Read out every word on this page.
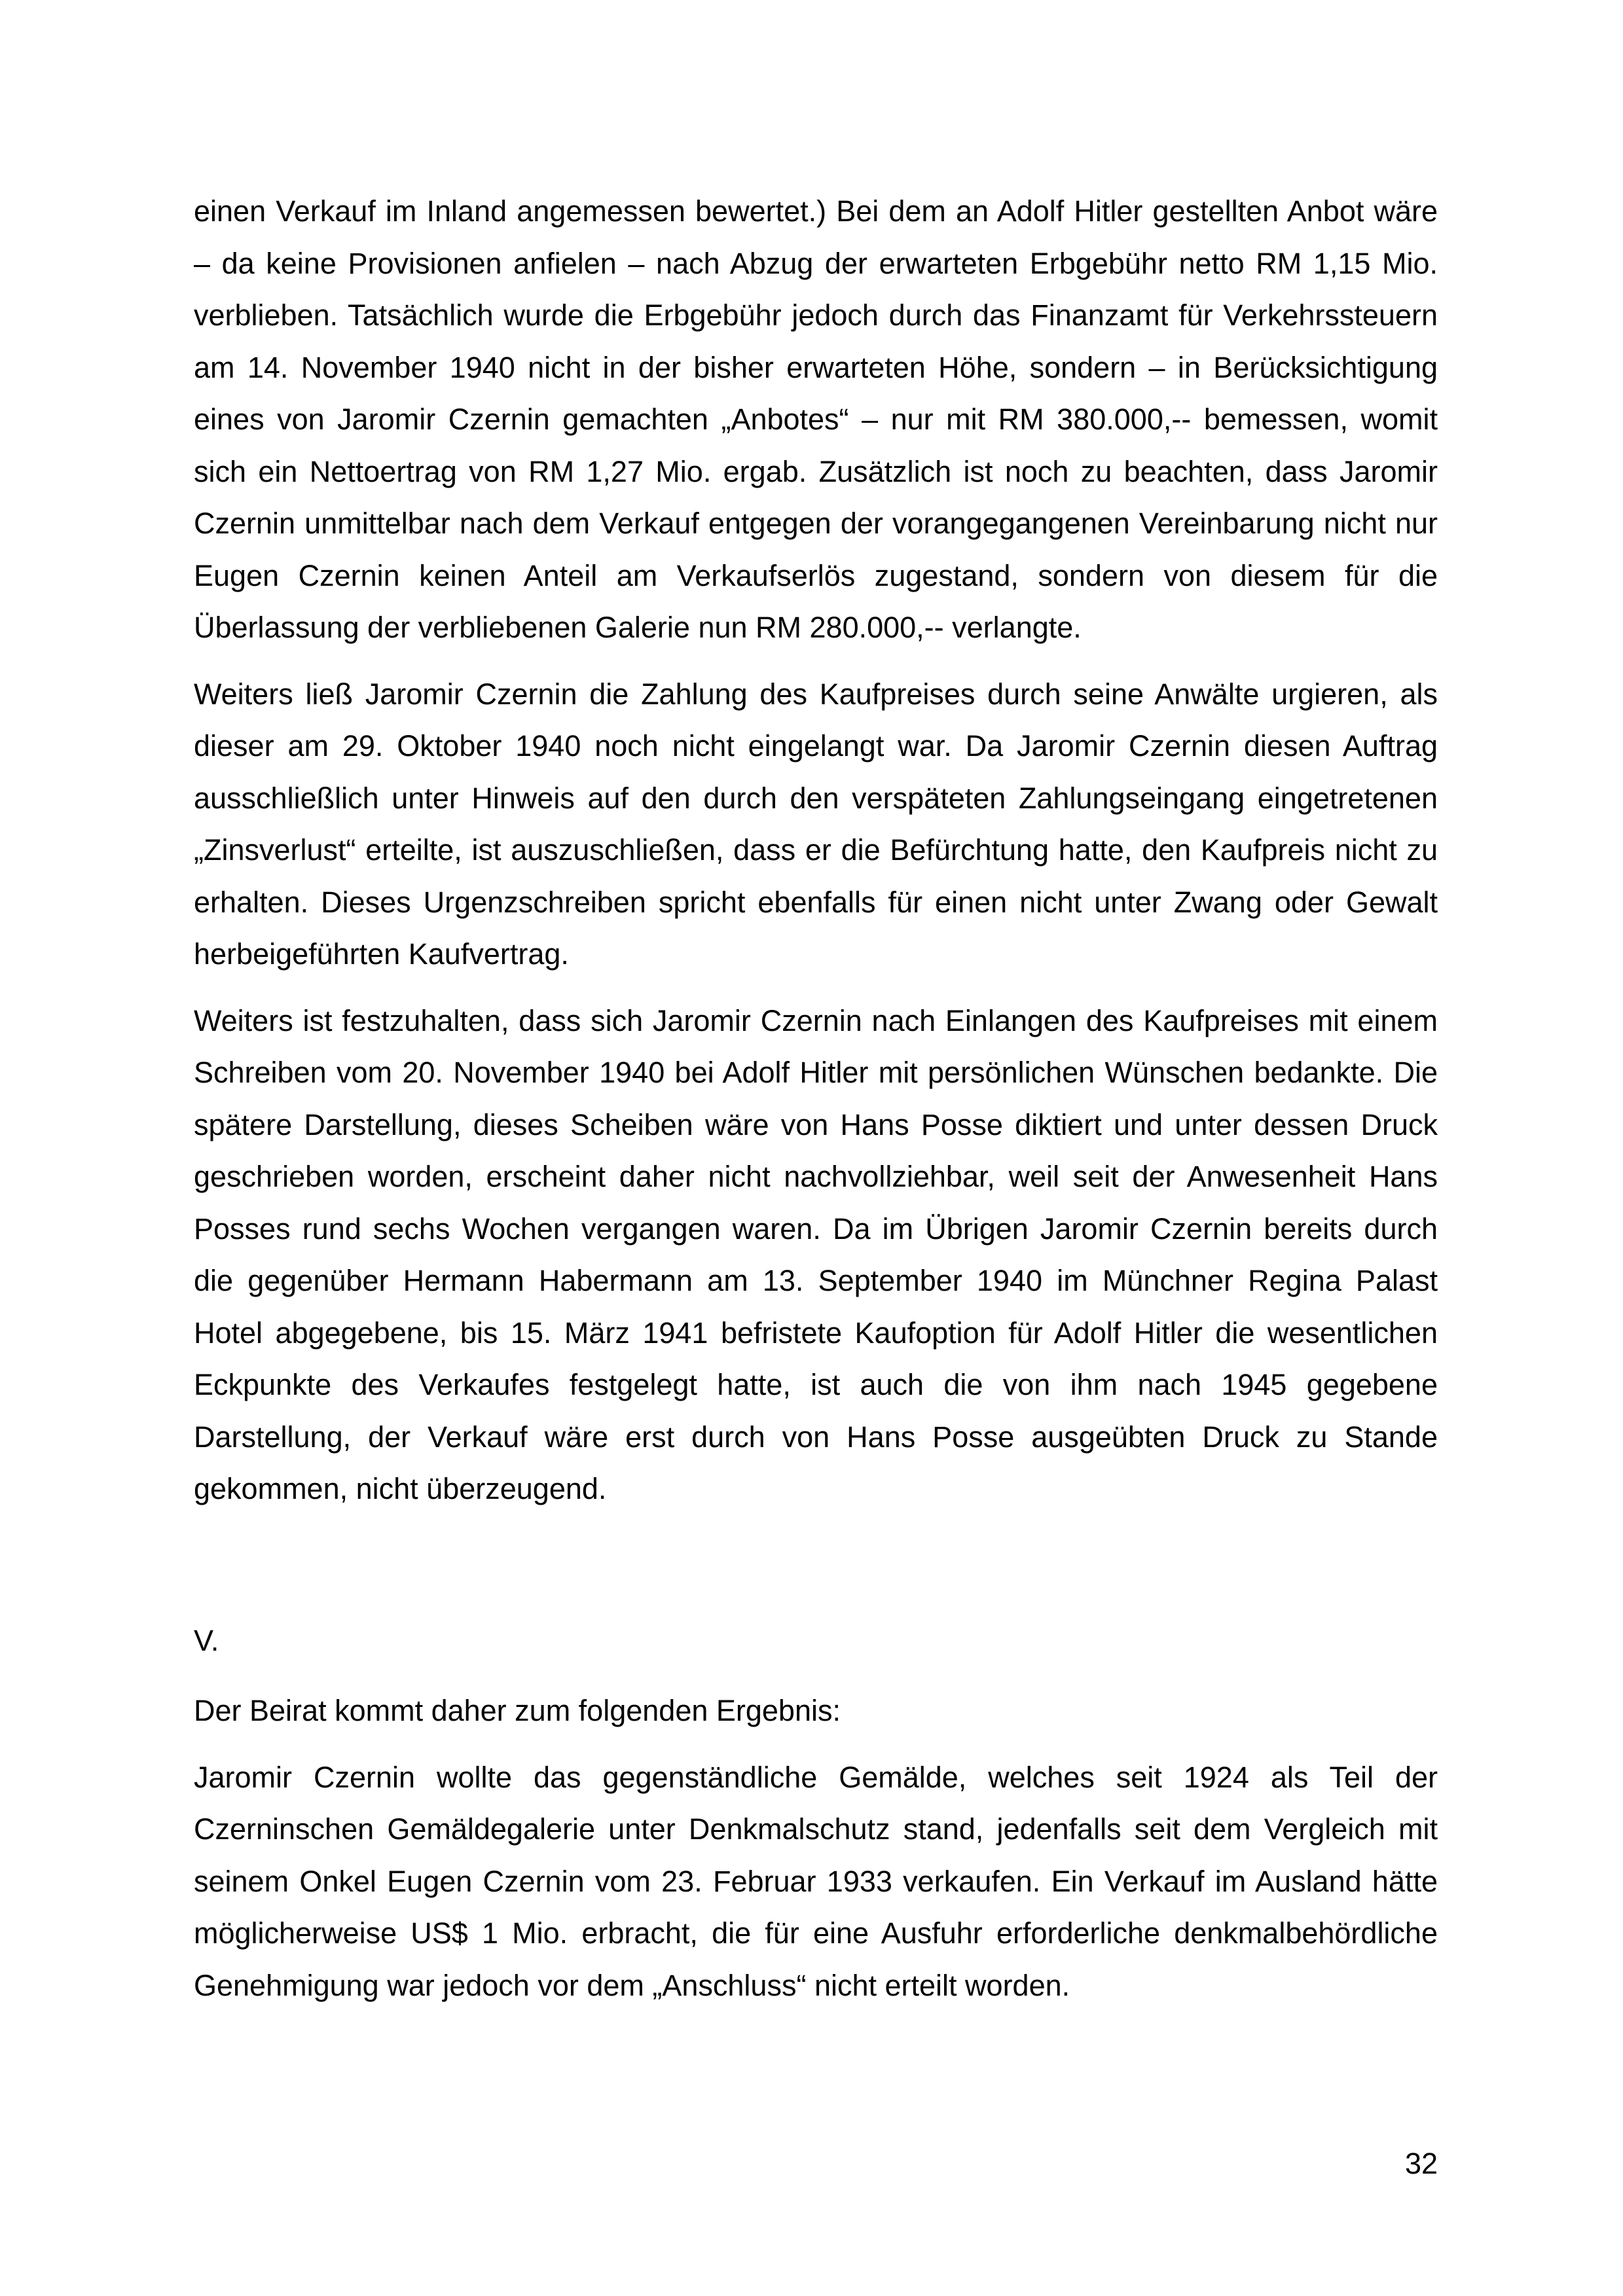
einen Verkauf im Inland angemessen bewertet.) Bei dem an Adolf Hitler gestellten Anbot wäre – da keine Provisionen anfielen – nach Abzug der erwarteten Erbgebühr netto RM 1,15 Mio. verblieben. Tatsächlich wurde die Erbgebühr jedoch durch das Finanzamt für Verkehrssteuern am 14. November 1940 nicht in der bisher erwarteten Höhe, sondern – in Berücksichtigung eines von Jaromir Czernin gemachten „Anbotes“ – nur mit RM 380.000,-- bemessen, womit sich ein Nettoertrag von RM 1,27 Mio. ergab. Zusätzlich ist noch zu beachten, dass Jaromir Czernin unmittelbar nach dem Verkauf entgegen der vorangegangenen Vereinbarung nicht nur Eugen Czernin keinen Anteil am Verkaufserlös zugestand, sondern von diesem für die Überlassung der verbliebenen Galerie nun RM 280.000,-- verlangte.

Weiters ließ Jaromir Czernin die Zahlung des Kaufpreises durch seine Anwälte urgieren, als dieser am 29. Oktober 1940 noch nicht eingelangt war. Da Jaromir Czernin diesen Auftrag ausschließlich unter Hinweis auf den durch den verspäteten Zahlungseingang eingetretenen „Zinsverlust“ erteilte, ist auszuschließen, dass er die Befürchtung hatte, den Kaufpreis nicht zu erhalten. Dieses Urgenzschreiben spricht ebenfalls für einen nicht unter Zwang oder Gewalt herbeigeführten Kaufvertrag.

Weiters ist festzuhalten, dass sich Jaromir Czernin nach Einlangen des Kaufpreises mit einem Schreiben vom 20. November 1940 bei Adolf Hitler mit persönlichen Wünschen bedankte. Die spätere Darstellung, dieses Scheiben wäre von Hans Posse diktiert und unter dessen Druck geschrieben worden, erscheint daher nicht nachvollziehbar, weil seit der Anwesenheit Hans Posses rund sechs Wochen vergangen waren. Da im Übrigen Jaromir Czernin bereits durch die gegenüber Hermann Habermann am 13. September 1940 im Münchner Regina Palast Hotel abgegebene, bis 15. März 1941 befristete Kaufoption für Adolf Hitler die wesentlichen Eckpunkte des Verkaufes festgelegt hatte, ist auch die von ihm nach 1945 gegebene Darstellung, der Verkauf wäre erst durch von Hans Posse ausgeübten Druck zu Stande gekommen, nicht überzeugend.

V.

Der Beirat kommt daher zum folgenden Ergebnis:

Jaromir Czernin wollte das gegenständliche Gemälde, welches seit 1924 als Teil der Czerninschen Gemäldegalerie unter Denkmalschutz stand, jedenfalls seit dem Vergleich mit seinem Onkel Eugen Czernin vom 23. Februar 1933 verkaufen. Ein Verkauf im Ausland hätte möglicherweise US$ 1 Mio. erbracht, die für eine Ausfuhr erforderliche denkmalbehördliche Genehmigung war jedoch vor dem „Anschluss“ nicht erteilt worden.

32
